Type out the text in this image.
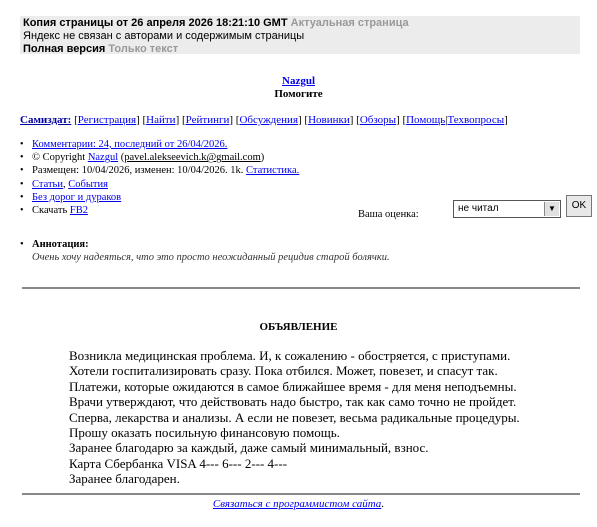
Копия страницы от 26 апреля 2026 18:21:10 GMT Актуальная страница
Яндекс не связан с авторами и содержимым страницы
Полная версия Только текст
Nazgul
Помогите
Самиздат: [Регистрация] [Найти] [Рейтинги] [Обсуждения] [Новинки] [Обзоры] [Помощь|Техвопросы]
• Комментарии: 24, последний от 26/04/2026.
• © Copyright Nazgul (pavel.alekseevich.k@gmail.com)
• Размещен: 10/04/2026, изменен: 10/04/2026. 1k. Статистика.
• Статьи, События
• Без дорог и дураков
• Скачать FB2	Ваша оценка:
не читал	▼	OK
• Аннотация:
Очень хочу надеяться, что это просто неожиданный рецидив старой болячки.
ОБЪЯВЛЕНИЕ
Возникла медицинская проблема. И, к сожалению - обостряется, с приступами.
Хотели госпитализировать сразу. Пока отбился. Может, повезет, и спасут так.
Платежи, которые ожидаются в самое ближайшее время - для меня неподъемны.
Врачи утверждают, что действовать надо быстро, так как само точно не пройдет.
Сперва, лекарства и анализы. А если не повезет, весьма радикальные процедуры.
Прошу оказать посильную финансовую помощь.
Заранее благодарю за каждый, даже самый минимальный, взнос.
Карта Сбербанка VISA 4--- 6--- 2--- 4---
Заранее благодарен.
Связаться с программистом сайта.
